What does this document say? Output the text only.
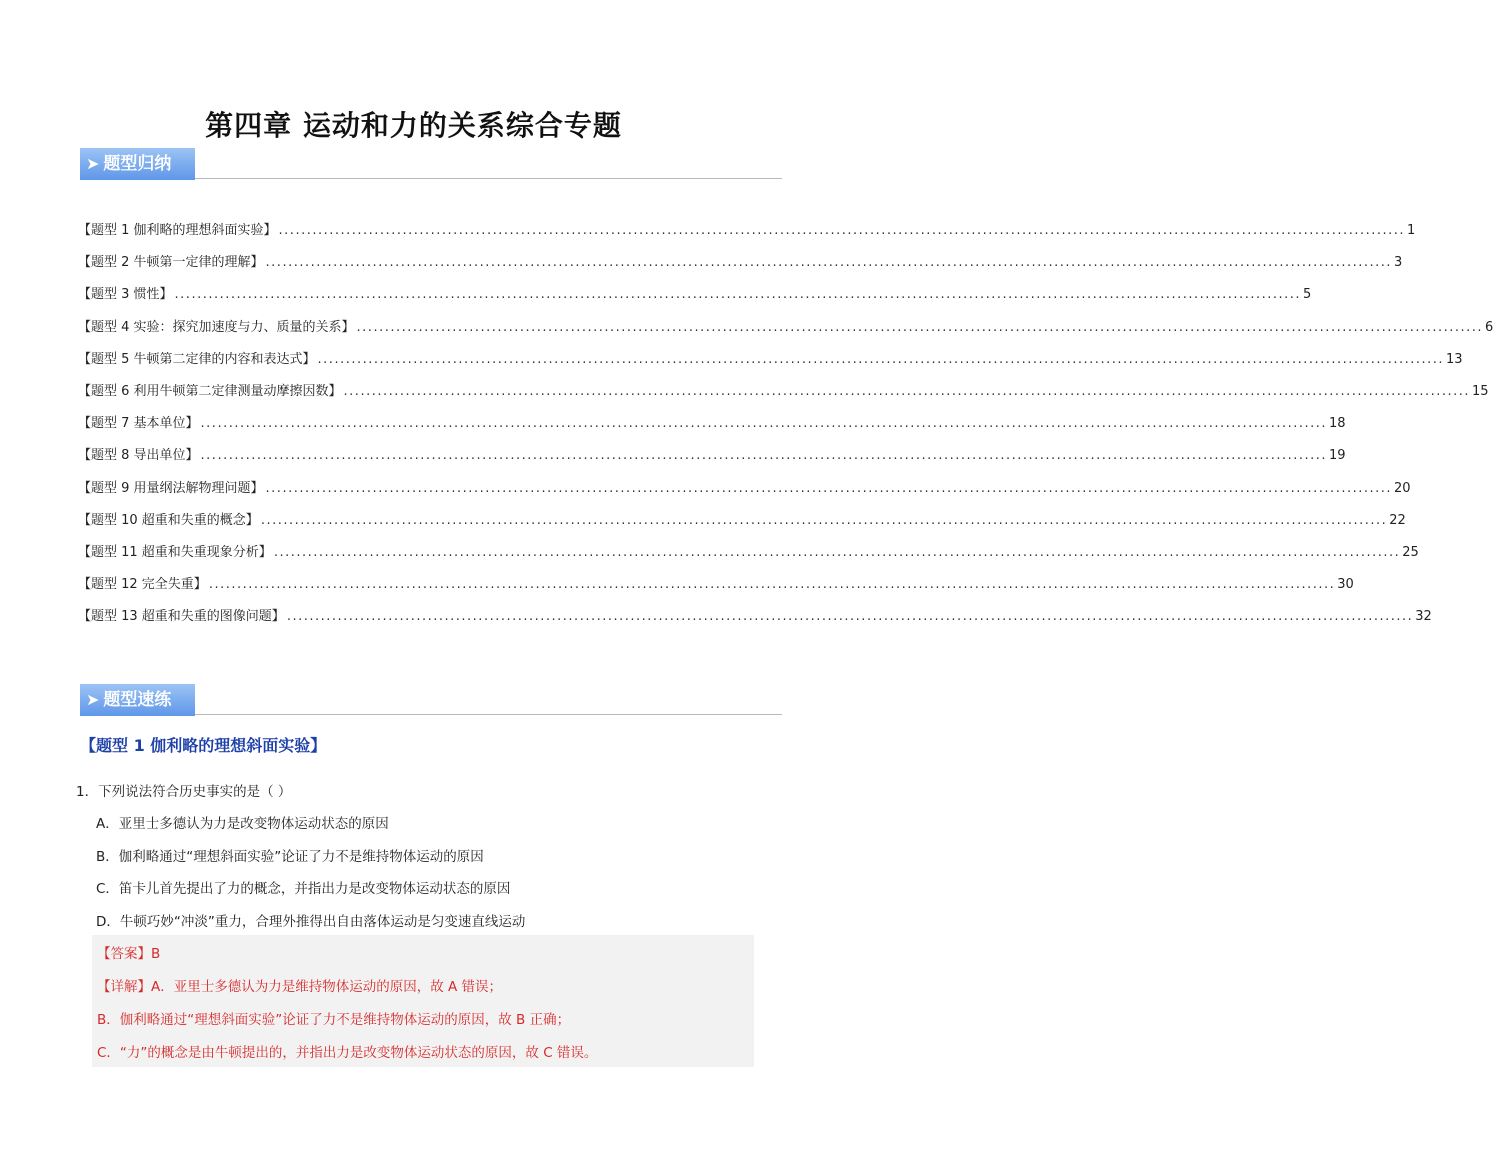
第四章 运动和力的关系综合专题
➤ 题型归纳
【题型 1 伽利略的理想斜面实验】 ........................................................................................................................................................................................................ 1
【题型 2 牛顿第一定律的理解】 ........................................................................................................................................................................................................ 3
【题型 3 惯性】 ........................................................................................................................................................................................................ 5
【题型 4 实验：探究加速度与力、质量的关系】 ........................................................................................................................................................................................................ 6
【题型 5 牛顿第二定律的内容和表达式】 ........................................................................................................................................................................................................ 13
【题型 6 利用牛顿第二定律测量动摩擦因数】 ........................................................................................................................................................................................................ 15
【题型 7 基本单位】 ........................................................................................................................................................................................................ 18
【题型 8 导出单位】 ........................................................................................................................................................................................................ 19
【题型 9 用量纲法解物理问题】 ........................................................................................................................................................................................................ 20
【题型 10 超重和失重的概念】 ........................................................................................................................................................................................................ 22
【题型 11 超重和失重现象分析】 ........................................................................................................................................................................................................ 25
【题型 12 完全失重】 ........................................................................................................................................................................................................ 30
【题型 13 超重和失重的图像问题】 ........................................................................................................................................................................................................ 32
➤ 题型速练
【题型 1 伽利略的理想斜面实验】
1．下列说法符合历史事实的是（ ）
A．亚里士多德认为力是改变物体运动状态的原因
B．伽利略通过“理想斜面实验”论证了力不是维持物体运动的原因
C．笛卡儿首先提出了力的概念，并指出力是改变物体运动状态的原因
D．牛顿巧妙“冲淡”重力，合理外推得出自由落体运动是匀变速直线运动
【答案】B
【详解】A．亚里士多德认为力是维持物体运动的原因，故 A 错误；
B．伽利略通过“理想斜面实验”论证了力不是维持物体运动的原因，故 B 正确；
C．“力”的概念是由牛顿提出的，并指出力是改变物体运动状态的原因，故 C 错误。
